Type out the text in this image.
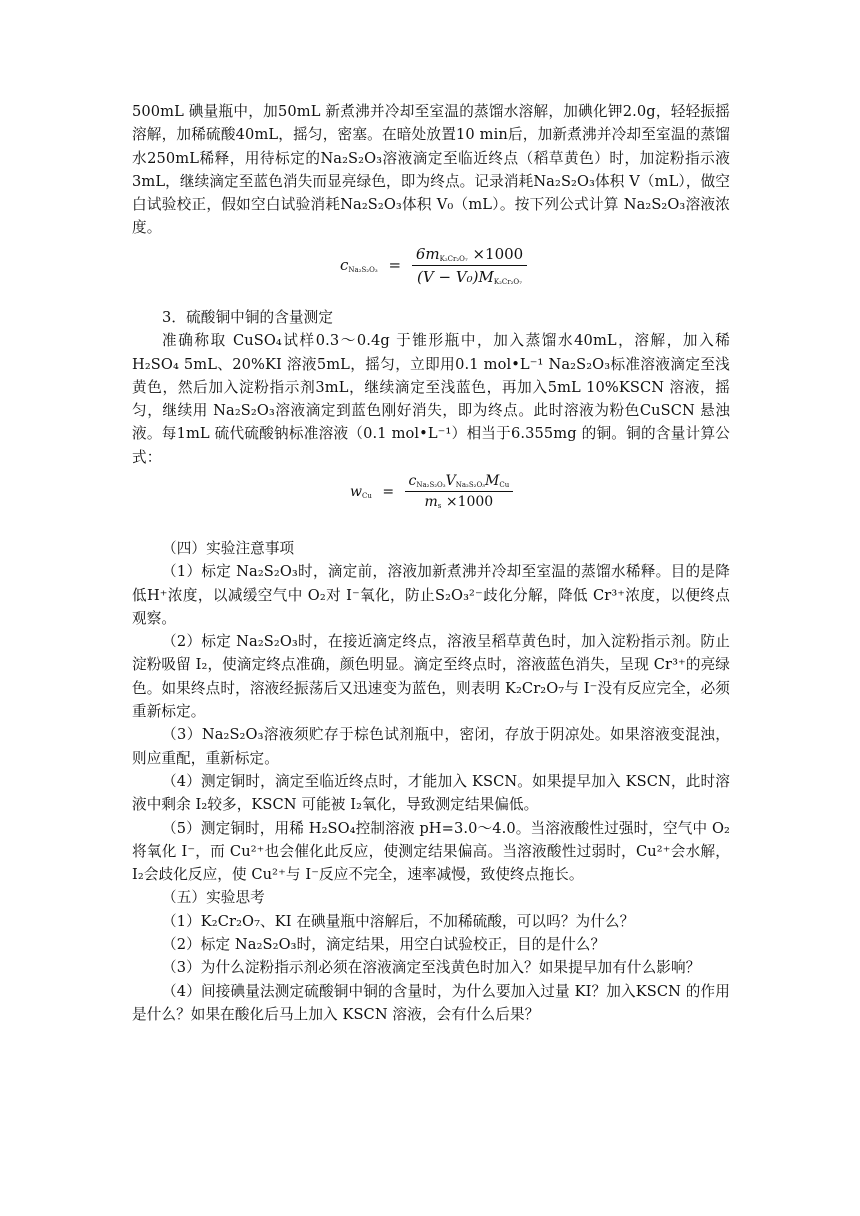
500mL 碘量瓶中，加50mL 新煮沸并冷却至室温的蒸馏水溶解，加碘化钾2.0g，轻轻振摇溶解，加稀硫酸40mL，摇匀，密塞。在暗处放置10 min后，加新煮沸并冷却至室温的蒸馏水250mL稀释，用待标定的Na₂S₂O₃溶液滴定至临近终点（稻草黄色）时，加淀粉指示液3mL，继续滴定至蓝色消失而显亮绿色，即为终点。记录消耗Na₂S₂O₃体积 V（mL），做空白试验校正，假如空白试验消耗Na₂S₂O₃体积 V₀（mL）。按下列公式计算 Na₂S₂O₃溶液浓度。

$cNa_2S_2O_3 = \frac{\text{6mK₂Cr₂O₇ ×1000}}{\text{(V − V₀)MK₂Cr₂O₇}}$

3．硫酸铜中铜的含量测定

准确称取 CuSO₄试样0.3～0.4g 于锥形瓶中，加入蒸馏水40mL，溶解，加入稀 H₂SO₄ 5mL、20%KI 溶液5mL，摇匀，立即用0.1 mol•L⁻¹ Na₂S₂O₃标准溶液滴定至浅黄色，然后加入淀粉指示剂3mL，继续滴定至浅蓝色，再加入5mL 10%KSCN 溶液，摇匀，继续用 Na₂S₂O₃溶液滴定到蓝色刚好消失，即为终点。此时溶液为粉色CuSCN 悬浊液。每1mL 硫代硫酸钠标准溶液（0.1 mol•L⁻¹）相当于6.355mg 的铜。铜的含量计算公式：

wCu = $\frac{\text{cNa₂S₂O₃VNa₂S₂O₃MCu}}{ms \times 1000}$

（四）实验注意事项

（1）标定 Na₂S₂O₃时，滴定前，溶液加新煮沸并冷却至室温的蒸馏水稀释。目的是降低H⁺浓度，以减缓空气中 O₂对 I⁻氧化，防止S₂O₃²⁻歧化分解，降低 Cr³⁺浓度，以便终点观察。

（2）标定 Na₂S₂O₃时，在接近滴定终点，溶液呈稻草黄色时，加入淀粉指示剂。防止淀粉吸留 I₂，使滴定终点准确，颜色明显。滴定至终点时，溶液蓝色消失，呈现 Cr³⁺的亮绿色。如果终点时，溶液经振荡后又迅速变为蓝色，则表明 K₂Cr₂O₇与 I⁻没有反应完全，必须重新标定。

（3）Na₂S₂O₃溶液须贮存于棕色试剂瓶中，密闭，存放于阴凉处。如果溶液变混浊，则应重配，重新标定。

（4）测定铜时，滴定至临近终点时，才能加入 KSCN。如果提早加入 KSCN，此时溶液中剩余 I₂较多，KSCN 可能被 I₂氧化，导致测定结果偏低。

（5）测定铜时，用稀 H₂SO₄控制溶液 pH=3.0～4.0。当溶液酸性过强时，空气中 O₂将氧化 I⁻，而 Cu²⁺也会催化此反应，使测定结果偏高。当溶液酸性过弱时，Cu²⁺会水解，I₂会歧化反应，使 Cu²⁺与 I⁻反应不完全，速率减慢，致使终点拖长。

（五）实验思考

（1）K₂Cr₂O₇、KI 在碘量瓶中溶解后，不加稀硫酸，可以吗？为什么？

（2）标定 Na₂S₂O₃时，滴定结果，用空白试验校正，目的是什么？

（3）为什么淀粉指示剂必须在溶液滴定至浅黄色时加入？如果提早加有什么影响？

（4）间接碘量法测定硫酸铜中铜的含量时，为什么要加入过量 KI？加入KSCN 的作用是什么？如果在酸化后马上加入 KSCN 溶液，会有什么后果？
